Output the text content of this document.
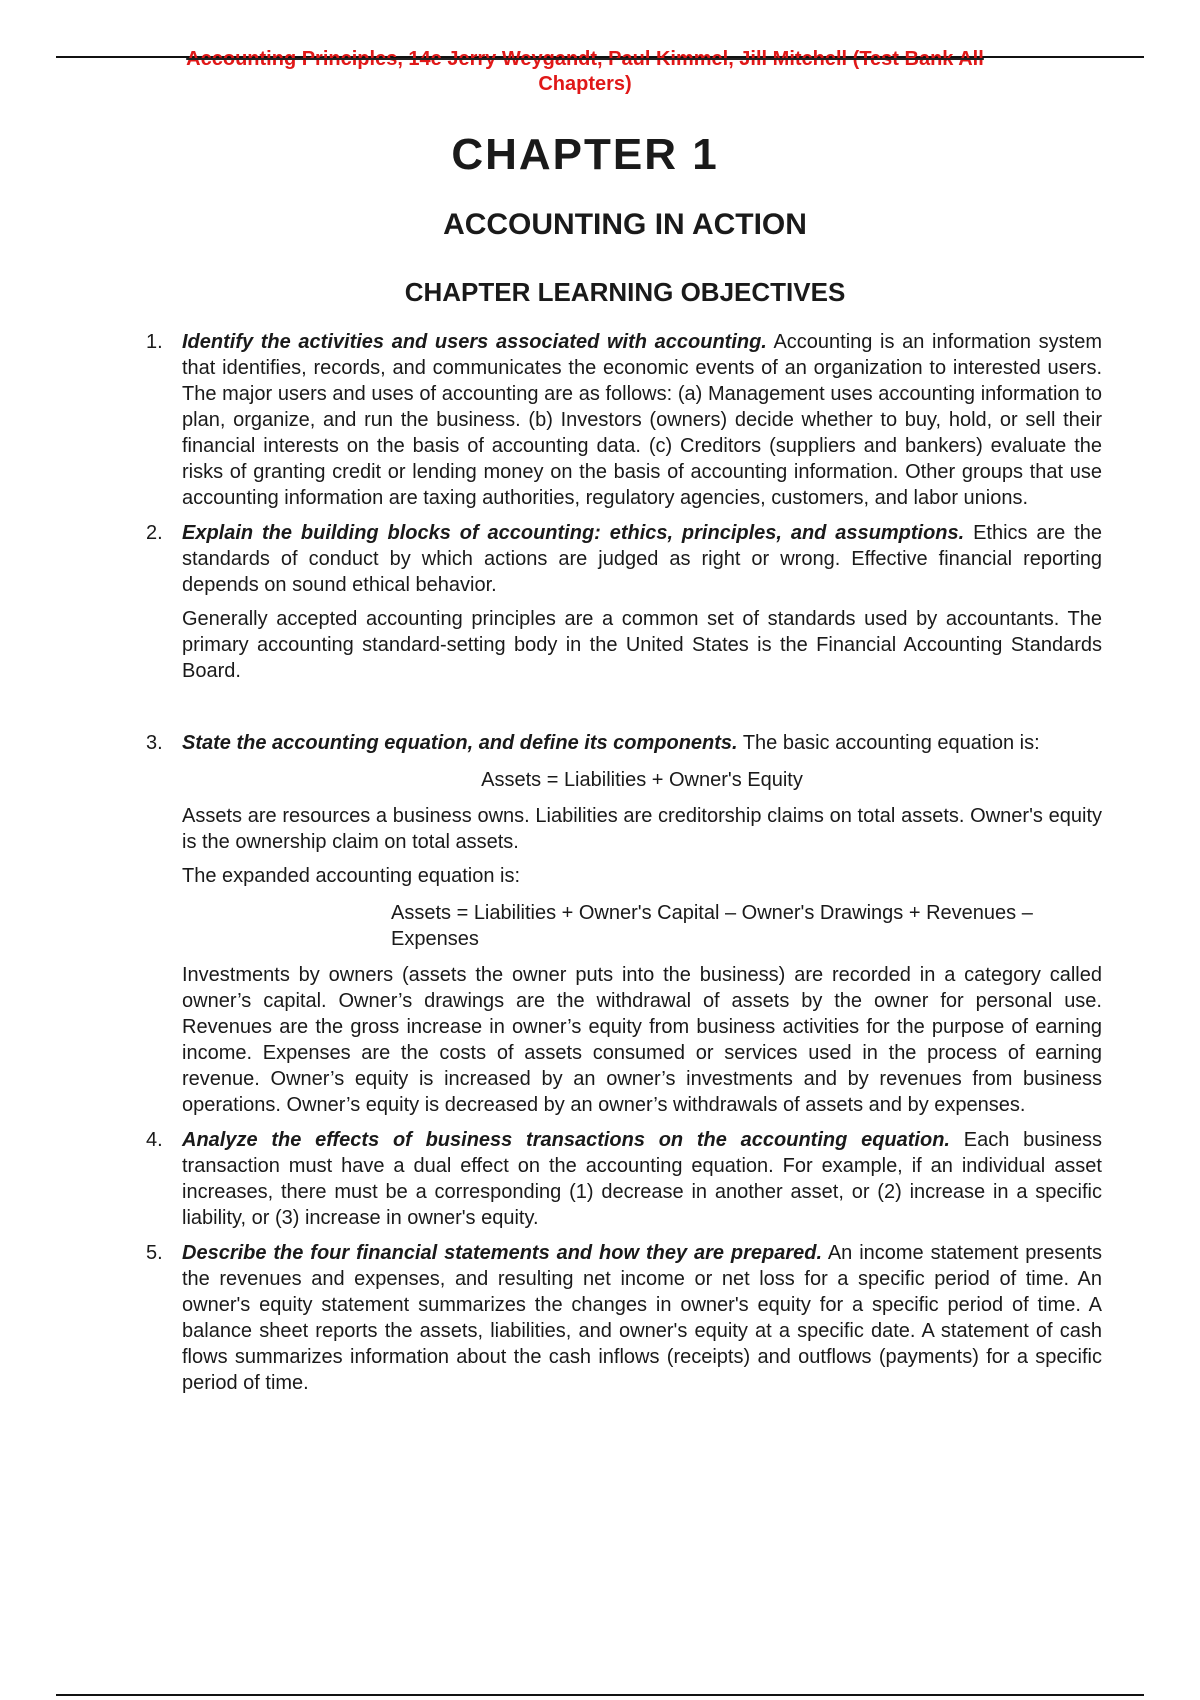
Accounting Principles, 14e Jerry Weygandt, Paul Kimmel, Jill Mitchell (Test Bank All
Chapters)
CHAPTER 1
ACCOUNTING IN ACTION
CHAPTER LEARNING OBJECTIVES
1. Identify the activities and users associated with accounting. Accounting is an information system that identifies, records, and communicates the economic events of an organization to interested users. The major users and uses of accounting are as follows: (a) Management uses accounting information to plan, organize, and run the business. (b) Investors (owners) decide whether to buy, hold, or sell their financial interests on the basis of accounting data. (c) Creditors (suppliers and bankers) evaluate the risks of granting credit or lending money on the basis of accounting information. Other groups that use accounting information are taxing authorities, regulatory agencies, customers, and labor unions.

2. Explain the building blocks of accounting: ethics, principles, and assumptions. Ethics are the standards of conduct by which actions are judged as right or wrong. Effective financial reporting depends on sound ethical behavior.

Generally accepted accounting principles are a common set of standards used by accountants. The primary accounting standard-setting body in the United States is the Financial Accounting Standards Board.

3. State the accounting equation, and define its components. The basic accounting equation is:

Assets = Liabilities + Owner's Equity

Assets are resources a business owns. Liabilities are creditorship claims on total assets. Owner's equity is the ownership claim on total assets.

The expanded accounting equation is:

Assets = Liabilities + Owner's Capital – Owner's Drawings + Revenues – Expenses

Investments by owners (assets the owner puts into the business) are recorded in a category called owner’s capital. Owner’s drawings are the withdrawal of assets by the owner for personal use. Revenues are the gross increase in owner’s equity from business activities for the purpose of earning income. Expenses are the costs of assets consumed or services used in the process of earning revenue. Owner’s equity is increased by an owner’s investments and by revenues from business operations. Owner’s equity is decreased by an owner’s withdrawals of assets and by expenses.

4. Analyze the effects of business transactions on the accounting equation. Each business transaction must have a dual effect on the accounting equation. For example, if an individual asset increases, there must be a corresponding (1) decrease in another asset, or (2) increase in a specific liability, or (3) increase in owner's equity.

5. Describe the four financial statements and how they are prepared. An income statement presents the revenues and expenses, and resulting net income or net loss for a specific period of time. An owner's equity statement summarizes the changes in owner's equity for a specific period of time. A balance sheet reports the assets, liabilities, and owner's equity at a specific date. A statement of cash flows summarizes information about the cash inflows (receipts) and outflows (payments) for a specific period of time.
